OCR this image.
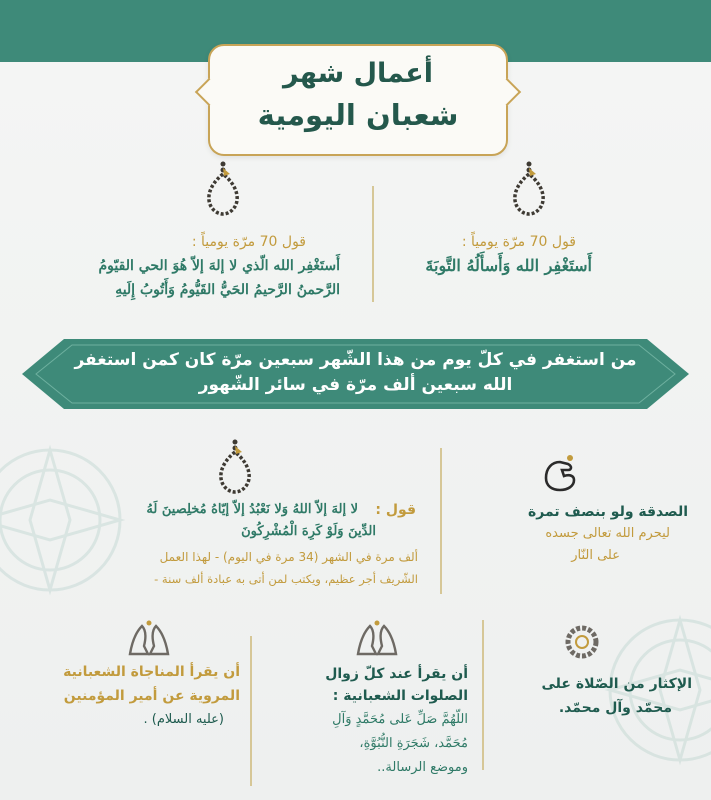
أعمال شهر
شعبان اليومية
قول 70 مرّة يومياً :
أَستَغْفِر الله وَأَسأَلُهُ التَّوبَةَ
قول 70 مرّة يومياً :
أَستَغْفِر الله الّذي لا إلهَ إلاّ هُوَ الحي القيّومُ
الرَّحمنُ الرَّحيمُ الحَيُّ القَيُّومُ وَأَتُوبُ إِلَيهِ
من استغفر في كلّ يوم من هذا الشّهر سبعين مرّة كان كمن استغفر
الله سبعين ألف مرّة في سائر الشّهور
الصدقة ولو بنصف تمرة
ليحرم الله تعالى جسده
على النّار
قول :
لا إلهَ إلاّ اللهُ وَلا نَعْبُدُ إلاّ إيّاهُ مُخلِصينَ لَهُ
الدِّينَ وَلَوْ كَرِهَ الْمُشْرِكُونَ
ألف مرة في الشهر (34 مرة في اليوم) - لهذا العمل
الشّريف أجر عظيم، ويكتب لمن أتى به عبادة ألف سنة -
الإكثار من الصّلاة على
محمّد وآل محمّد.
أن يقرأ عند كلّ زوال
الصلوات الشعبانية :
اللّهُمَّ صَلِّ عَلى مُحَمَّدٍ وَآلِ
مُحَمَّد، شَجَرَةِ النُّبُوَّةِ،
وموضع الرسالة..
أن يقرأ المناجاة الشعبانية
المروية عن أمير المؤمنين
(عليه السلام) .
